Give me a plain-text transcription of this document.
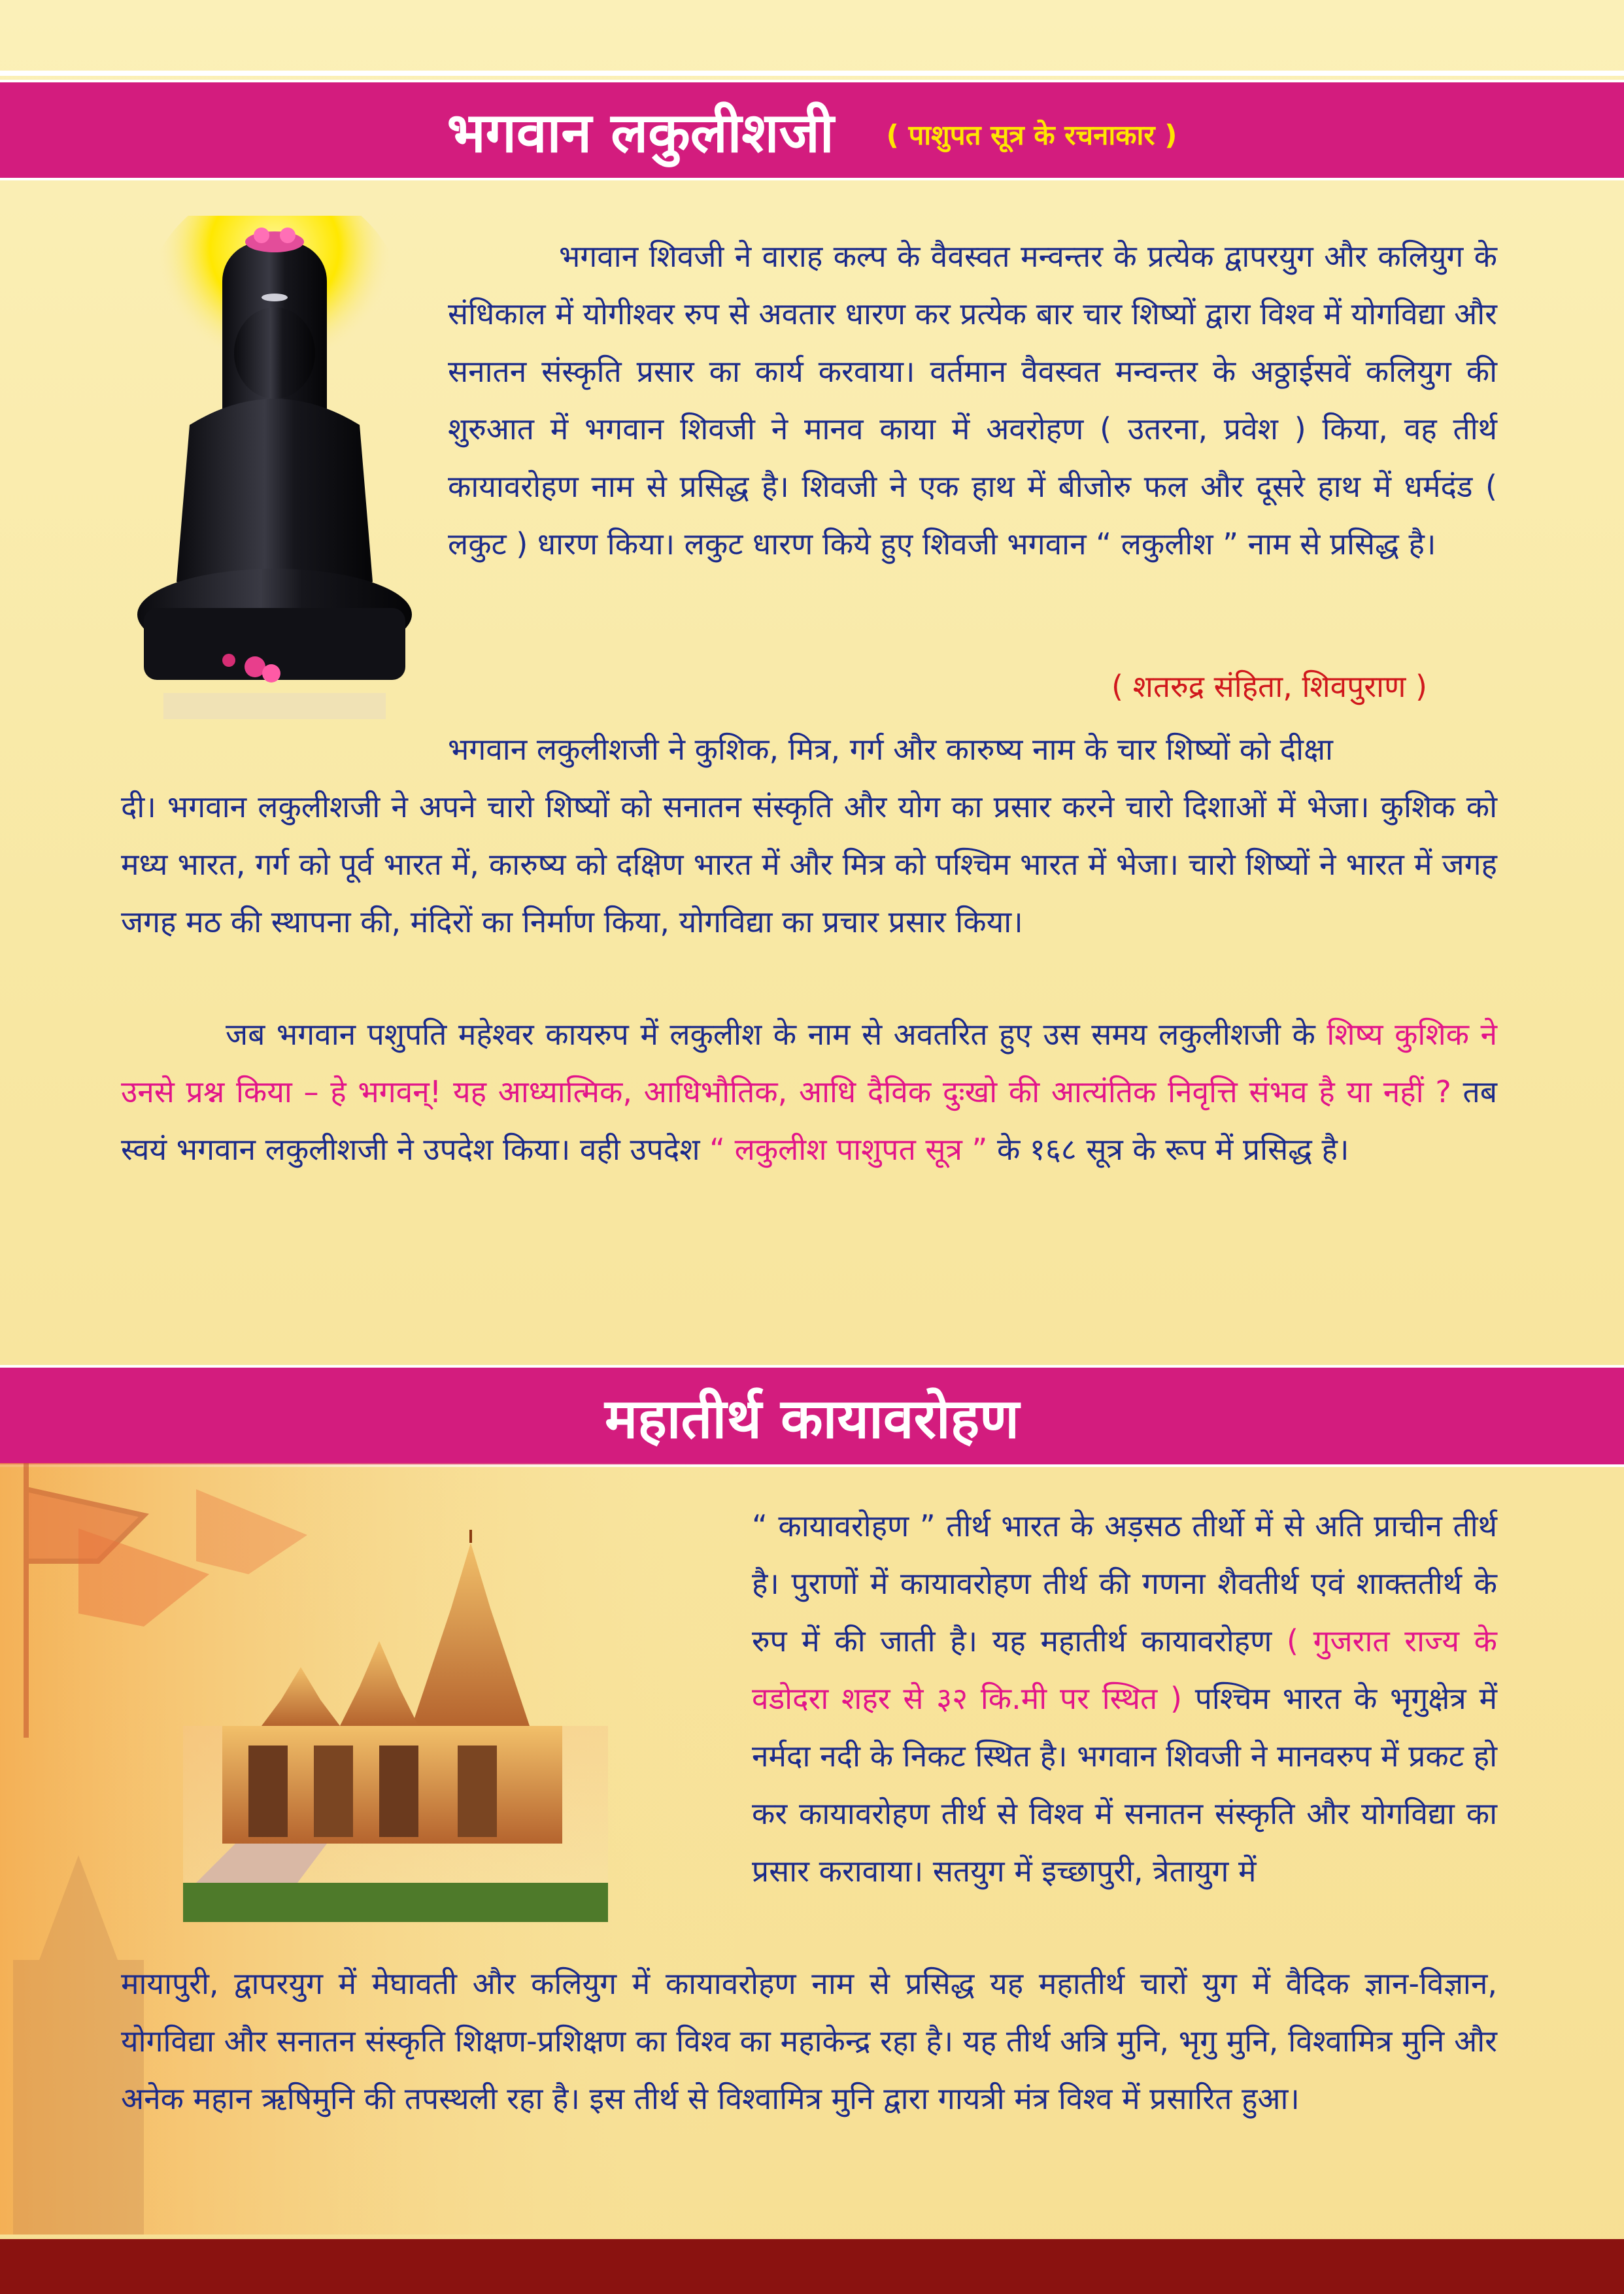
भगवान लकुलीशजी ( पाशुपत सूत्र के रचनाकार )

भगवान शिवजी ने वाराह कल्प के वैवस्वत मन्वन्तर के प्रत्येक द्वापरयुग और कलियुग के संधिकाल में योगीश्वर रुप से अवतार धारण कर प्रत्येक बार चार शिष्यों द्वारा विश्व में योगविद्या और सनातन संस्कृति प्रसार का कार्य करवाया। वर्तमान वैवस्वत मन्वन्तर के अठ्ठाईसवें कलियुग की शुरुआत में भगवान शिवजी ने मानव काया में अवरोहण ( उतरना, प्रवेश ) किया, वह तीर्थ कायावरोहण नाम से प्रसिद्ध है। शिवजी ने एक हाथ में बीजोरु फल और दूसरे हाथ में धर्मदंड ( लकुट ) धारण किया। लकुट धारण किये हुए शिवजी भगवान “ लकुलीश ” नाम से प्रसिद्ध है।

( शतरुद्र संहिता, शिवपुराण )

भगवान लकुलीशजी ने कुशिक, मित्र, गर्ग और कारुष्य नाम के चार शिष्यों को दीक्षा
दी। भगवान लकुलीशजी ने अपने चारो शिष्यों को सनातन संस्कृति और योग का प्रसार करने चारो दिशाओं में भेजा। कुशिक को मध्य भारत, गर्ग को पूर्व भारत में, कारुष्य को दक्षिण भारत में और मित्र को पश्चिम भारत में भेजा। चारो शिष्यों ने भारत में जगह जगह मठ की स्थापना की, मंदिरों का निर्माण किया, योगविद्या का प्रचार प्रसार किया।

जब भगवान पशुपति महेश्वर कायरुप में लकुलीश के नाम से अवतरित हुए उस समय लकुलीशजी के शिष्य कुशिक ने उनसे प्रश्न किया – हे भगवन्! यह आध्यात्मिक, आधिभौतिक, आधि दैविक दुःखो की आत्यंतिक निवृत्ति संभव है या नहीं ? तब स्वयं भगवान लकुलीशजी ने उपदेश किया। वही उपदेश “ लकुलीश पाशुपत सूत्र ” के १६८ सूत्र के रूप में प्रसिद्ध है।

महातीर्थ कायावरोहण

“ कायावरोहण ” तीर्थ भारत के अड़सठ तीर्थो में से अति प्राचीन तीर्थ है। पुराणों में कायावरोहण तीर्थ की गणना शैवतीर्थ एवं शाक्ततीर्थ के रुप में की जाती है। यह महातीर्थ कायावरोहण ( गुजरात राज्य के वडोदरा शहर से ३२ कि.मी पर स्थित ) पश्चिम भारत के भृगुक्षेत्र में नर्मदा नदी के निकट स्थित है। भगवान शिवजी ने मानवरुप में प्रकट हो कर कायावरोहण तीर्थ से विश्व में सनातन संस्कृति और योगविद्या का प्रसार करावाया। सतयुग में इच्छापुरी, त्रेतायुग में

मायापुरी, द्वापरयुग में मेघावती और कलियुग में कायावरोहण नाम से प्रसिद्ध यह महातीर्थ चारों युग में वैदिक ज्ञान-विज्ञान, योगविद्या और सनातन संस्कृति शिक्षण-प्रशिक्षण का विश्व का महाकेन्द्र रहा है। यह तीर्थ अत्रि मुनि, भृगु मुनि, विश्वामित्र मुनि और अनेक महान ऋषिमुनि की तपस्थली रहा है। इस तीर्थ से विश्वामित्र मुनि द्वारा गायत्री मंत्र विश्व में प्रसारित हुआ।
